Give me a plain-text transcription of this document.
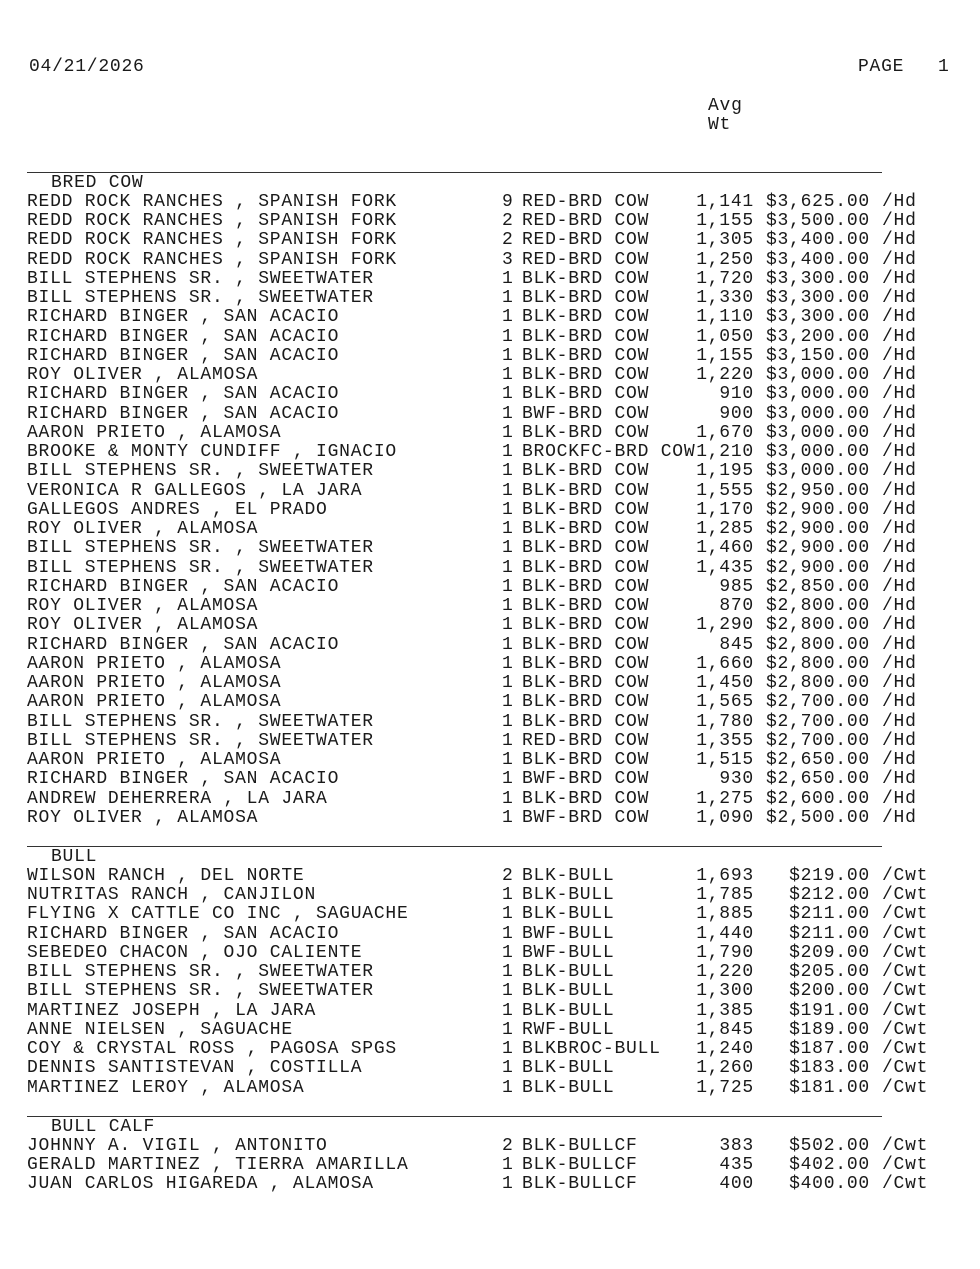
04/21/2026	PAGE 1
Avg
Wt
BRED COW
REDD ROCK RANCHES , SPANISH FORK	9 RED-BRD COW	1,141 $3,625.00 /Hd
REDD ROCK RANCHES , SPANISH FORK	2 RED-BRD COW	1,155 $3,500.00 /Hd
REDD ROCK RANCHES , SPANISH FORK	2 RED-BRD COW	1,305 $3,400.00 /Hd
REDD ROCK RANCHES , SPANISH FORK	3 RED-BRD COW	1,250 $3,400.00 /Hd
BILL STEPHENS SR. , SWEETWATER	1 BLK-BRD COW	1,720 $3,300.00 /Hd
BILL STEPHENS SR. , SWEETWATER	1 BLK-BRD COW	1,330 $3,300.00 /Hd
RICHARD BINGER , SAN ACACIO	1 BLK-BRD COW	1,110 $3,300.00 /Hd
RICHARD BINGER , SAN ACACIO	1 BLK-BRD COW	1,050 $3,200.00 /Hd
RICHARD BINGER , SAN ACACIO	1 BLK-BRD COW	1,155 $3,150.00 /Hd
ROY OLIVER , ALAMOSA	1 BLK-BRD COW	1,220 $3,000.00 /Hd
RICHARD BINGER , SAN ACACIO	1 BLK-BRD COW	910 $3,000.00 /Hd
RICHARD BINGER , SAN ACACIO	1 BWF-BRD COW	900 $3,000.00 /Hd
AARON PRIETO , ALAMOSA	1 BLK-BRD COW	1,670 $3,000.00 /Hd
BROOKE & MONTY CUNDIFF , IGNACIO	1 BROCKFC-BRD COW 1,210 $3,000.00 /Hd
BILL STEPHENS SR. , SWEETWATER	1 BLK-BRD COW	1,195 $3,000.00 /Hd
VERONICA R GALLEGOS , LA JARA	1 BLK-BRD COW	1,555 $2,950.00 /Hd
GALLEGOS ANDRES , EL PRADO	1 BLK-BRD COW	1,170 $2,900.00 /Hd
ROY OLIVER , ALAMOSA	1 BLK-BRD COW	1,285 $2,900.00 /Hd
BILL STEPHENS SR. , SWEETWATER	1 BLK-BRD COW	1,460 $2,900.00 /Hd
BILL STEPHENS SR. , SWEETWATER	1 BLK-BRD COW	1,435 $2,900.00 /Hd
RICHARD BINGER , SAN ACACIO	1 BLK-BRD COW	985 $2,850.00 /Hd
ROY OLIVER , ALAMOSA	1 BLK-BRD COW	870 $2,800.00 /Hd
ROY OLIVER , ALAMOSA	1 BLK-BRD COW	1,290 $2,800.00 /Hd
RICHARD BINGER , SAN ACACIO	1 BLK-BRD COW	845 $2,800.00 /Hd
AARON PRIETO , ALAMOSA	1 BLK-BRD COW	1,660 $2,800.00 /Hd
AARON PRIETO , ALAMOSA	1 BLK-BRD COW	1,450 $2,800.00 /Hd
AARON PRIETO , ALAMOSA	1 BLK-BRD COW	1,565 $2,700.00 /Hd
BILL STEPHENS SR. , SWEETWATER	1 BLK-BRD COW	1,780 $2,700.00 /Hd
BILL STEPHENS SR. , SWEETWATER	1 RED-BRD COW	1,355 $2,700.00 /Hd
AARON PRIETO , ALAMOSA	1 BLK-BRD COW	1,515 $2,650.00 /Hd
RICHARD BINGER , SAN ACACIO	1 BWF-BRD COW	930 $2,650.00 /Hd
ANDREW DEHERRERA , LA JARA	1 BLK-BRD COW	1,275 $2,600.00 /Hd
ROY OLIVER , ALAMOSA	1 BWF-BRD COW	1,090 $2,500.00 /Hd
BULL
WILSON RANCH , DEL NORTE	2 BLK-BULL	1,693 $219.00 /Cwt
NUTRITAS RANCH , CANJILON	1 BLK-BULL	1,785 $212.00 /Cwt
FLYING X CATTLE CO INC , SAGUACHE	1 BLK-BULL	1,885 $211.00 /Cwt
RICHARD BINGER , SAN ACACIO	1 BWF-BULL	1,440 $211.00 /Cwt
SEBEDEO CHACON , OJO CALIENTE	1 BWF-BULL	1,790 $209.00 /Cwt
BILL STEPHENS SR. , SWEETWATER	1 BLK-BULL	1,220 $205.00 /Cwt
BILL STEPHENS SR. , SWEETWATER	1 BLK-BULL	1,300 $200.00 /Cwt
MARTINEZ JOSEPH , LA JARA	1 BLK-BULL	1,385 $191.00 /Cwt
ANNE NIELSEN , SAGUACHE	1 RWF-BULL	1,845 $189.00 /Cwt
COY & CRYSTAL ROSS , PAGOSA SPGS	1 BLKBROC-BULL 1,240 $187.00 /Cwt
DENNIS SANTISTEVAN , COSTILLA	1 BLK-BULL	1,260 $183.00 /Cwt
MARTINEZ LEROY , ALAMOSA	1 BLK-BULL	1,725 $181.00 /Cwt
BULL CALF
JOHNNY A. VIGIL , ANTONITO	2 BLK-BULLCF	383 $502.00 /Cwt
GERALD MARTINEZ , TIERRA AMARILLA	1 BLK-BULLCF	435 $402.00 /Cwt
JUAN CARLOS HIGAREDA , ALAMOSA	1 BLK-BULLCF	400 $400.00 /Cwt
